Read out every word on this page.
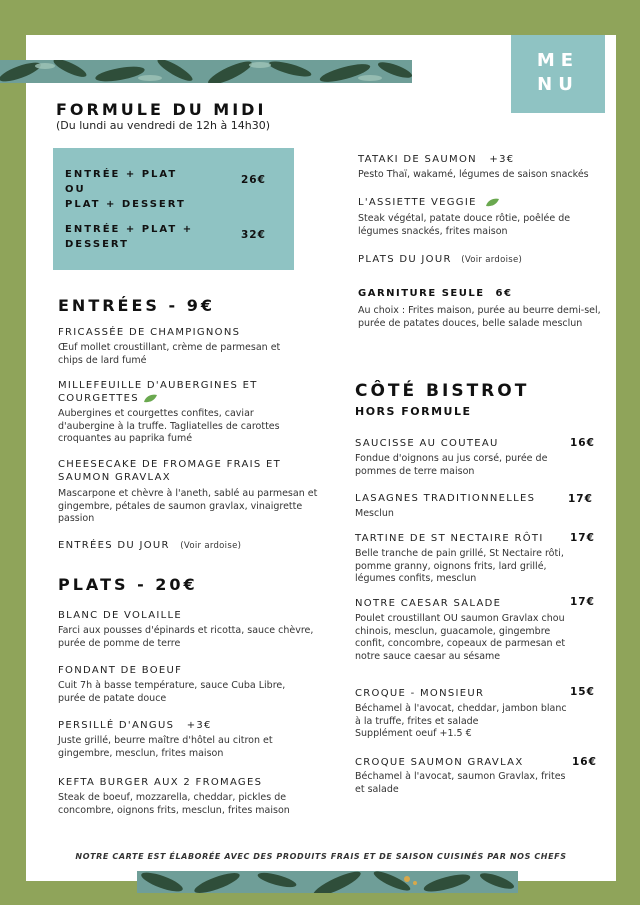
ME
NU
FORMULE DU MIDI
(Du lundi au vendredi de 12h à 14h30)
ENTRÉE + PLAT
OU
PLAT + DESSERT
26€
ENTRÉE + PLAT +
DESSERT
32€
ENTRÉES - 9€
FRICASSÉE DE CHAMPIGNONS
Œuf mollet croustillant, crème de parmesan et chips de lard fumé
MILLEFEUILLE D'AUBERGINES ET
COURGETTES
Aubergines et courgettes confites, caviar d'aubergine à la truffe. Tagliatelles de carottes croquantes au paprika fumé
CHEESECAKE DE FROMAGE FRAIS ET
SAUMON GRAVLAX
Mascarpone et chèvre à l'aneth, sablé au parmesan et gingembre, pétales de saumon gravlax, vinaigrette passion
ENTRÉES DU JOUR (Voir ardoise)
PLATS - 20€
BLANC DE VOLAILLE
Farci aux pousses d'épinards et ricotta, sauce chèvre, purée de pomme de terre
FONDANT DE BOEUF
Cuit 7h à basse température, sauce Cuba Libre, purée de patate douce
PERSILLÉ D'ANGUS +3€
Juste grillé, beurre maître d'hôtel au citron et gingembre, mesclun, frites maison
KEFTA BURGER AUX 2 FROMAGES
Steak de boeuf, mozzarella, cheddar, pickles de concombre, oignons frits, mesclun, frites maison
TATAKI DE SAUMON +3€
Pesto Thaï, wakamé, légumes de saison snackés
L'ASSIETTE VEGGIE
Steak végétal, patate douce rôtie, poêlée de légumes snackés, frites maison
PLATS DU JOUR (Voir ardoise)
GARNITURE SEULE 6€
Au choix : Frites maison, purée au beurre demi-sel, purée de patates douces, belle salade mesclun
CÔTÉ BISTROT
HORS FORMULE
SAUCISSE AU COUTEAU	16€
Fondue d'oignons au jus corsé, purée de pommes de terre maison
LASAGNES TRADITIONNELLES	17€
Mesclun
TARTINE DE ST NECTAIRE RÔTI	17€
Belle tranche de pain grillé, St Nectaire rôti, pomme granny, oignons frits, lard grillé, légumes confits, mesclun
NOTRE CAESAR SALADE	17€
Poulet croustillant OU saumon Gravlax chou chinois, mesclun, guacamole, gingembre confit, concombre, copeaux de parmesan et notre sauce caesar au sésame
CROQUE - MONSIEUR	15€
Béchamel à l'avocat, cheddar, jambon blanc à la truffe, frites et salade
Supplément oeuf +1.5 €
CROQUE SAUMON GRAVLAX	16€
Béchamel à l'avocat, saumon Gravlax, frites et salade
NOTRE CARTE EST ÉLABORÉE AVEC DES PRODUITS FRAIS ET DE SAISON CUISINÉS PAR NOS CHEFS
